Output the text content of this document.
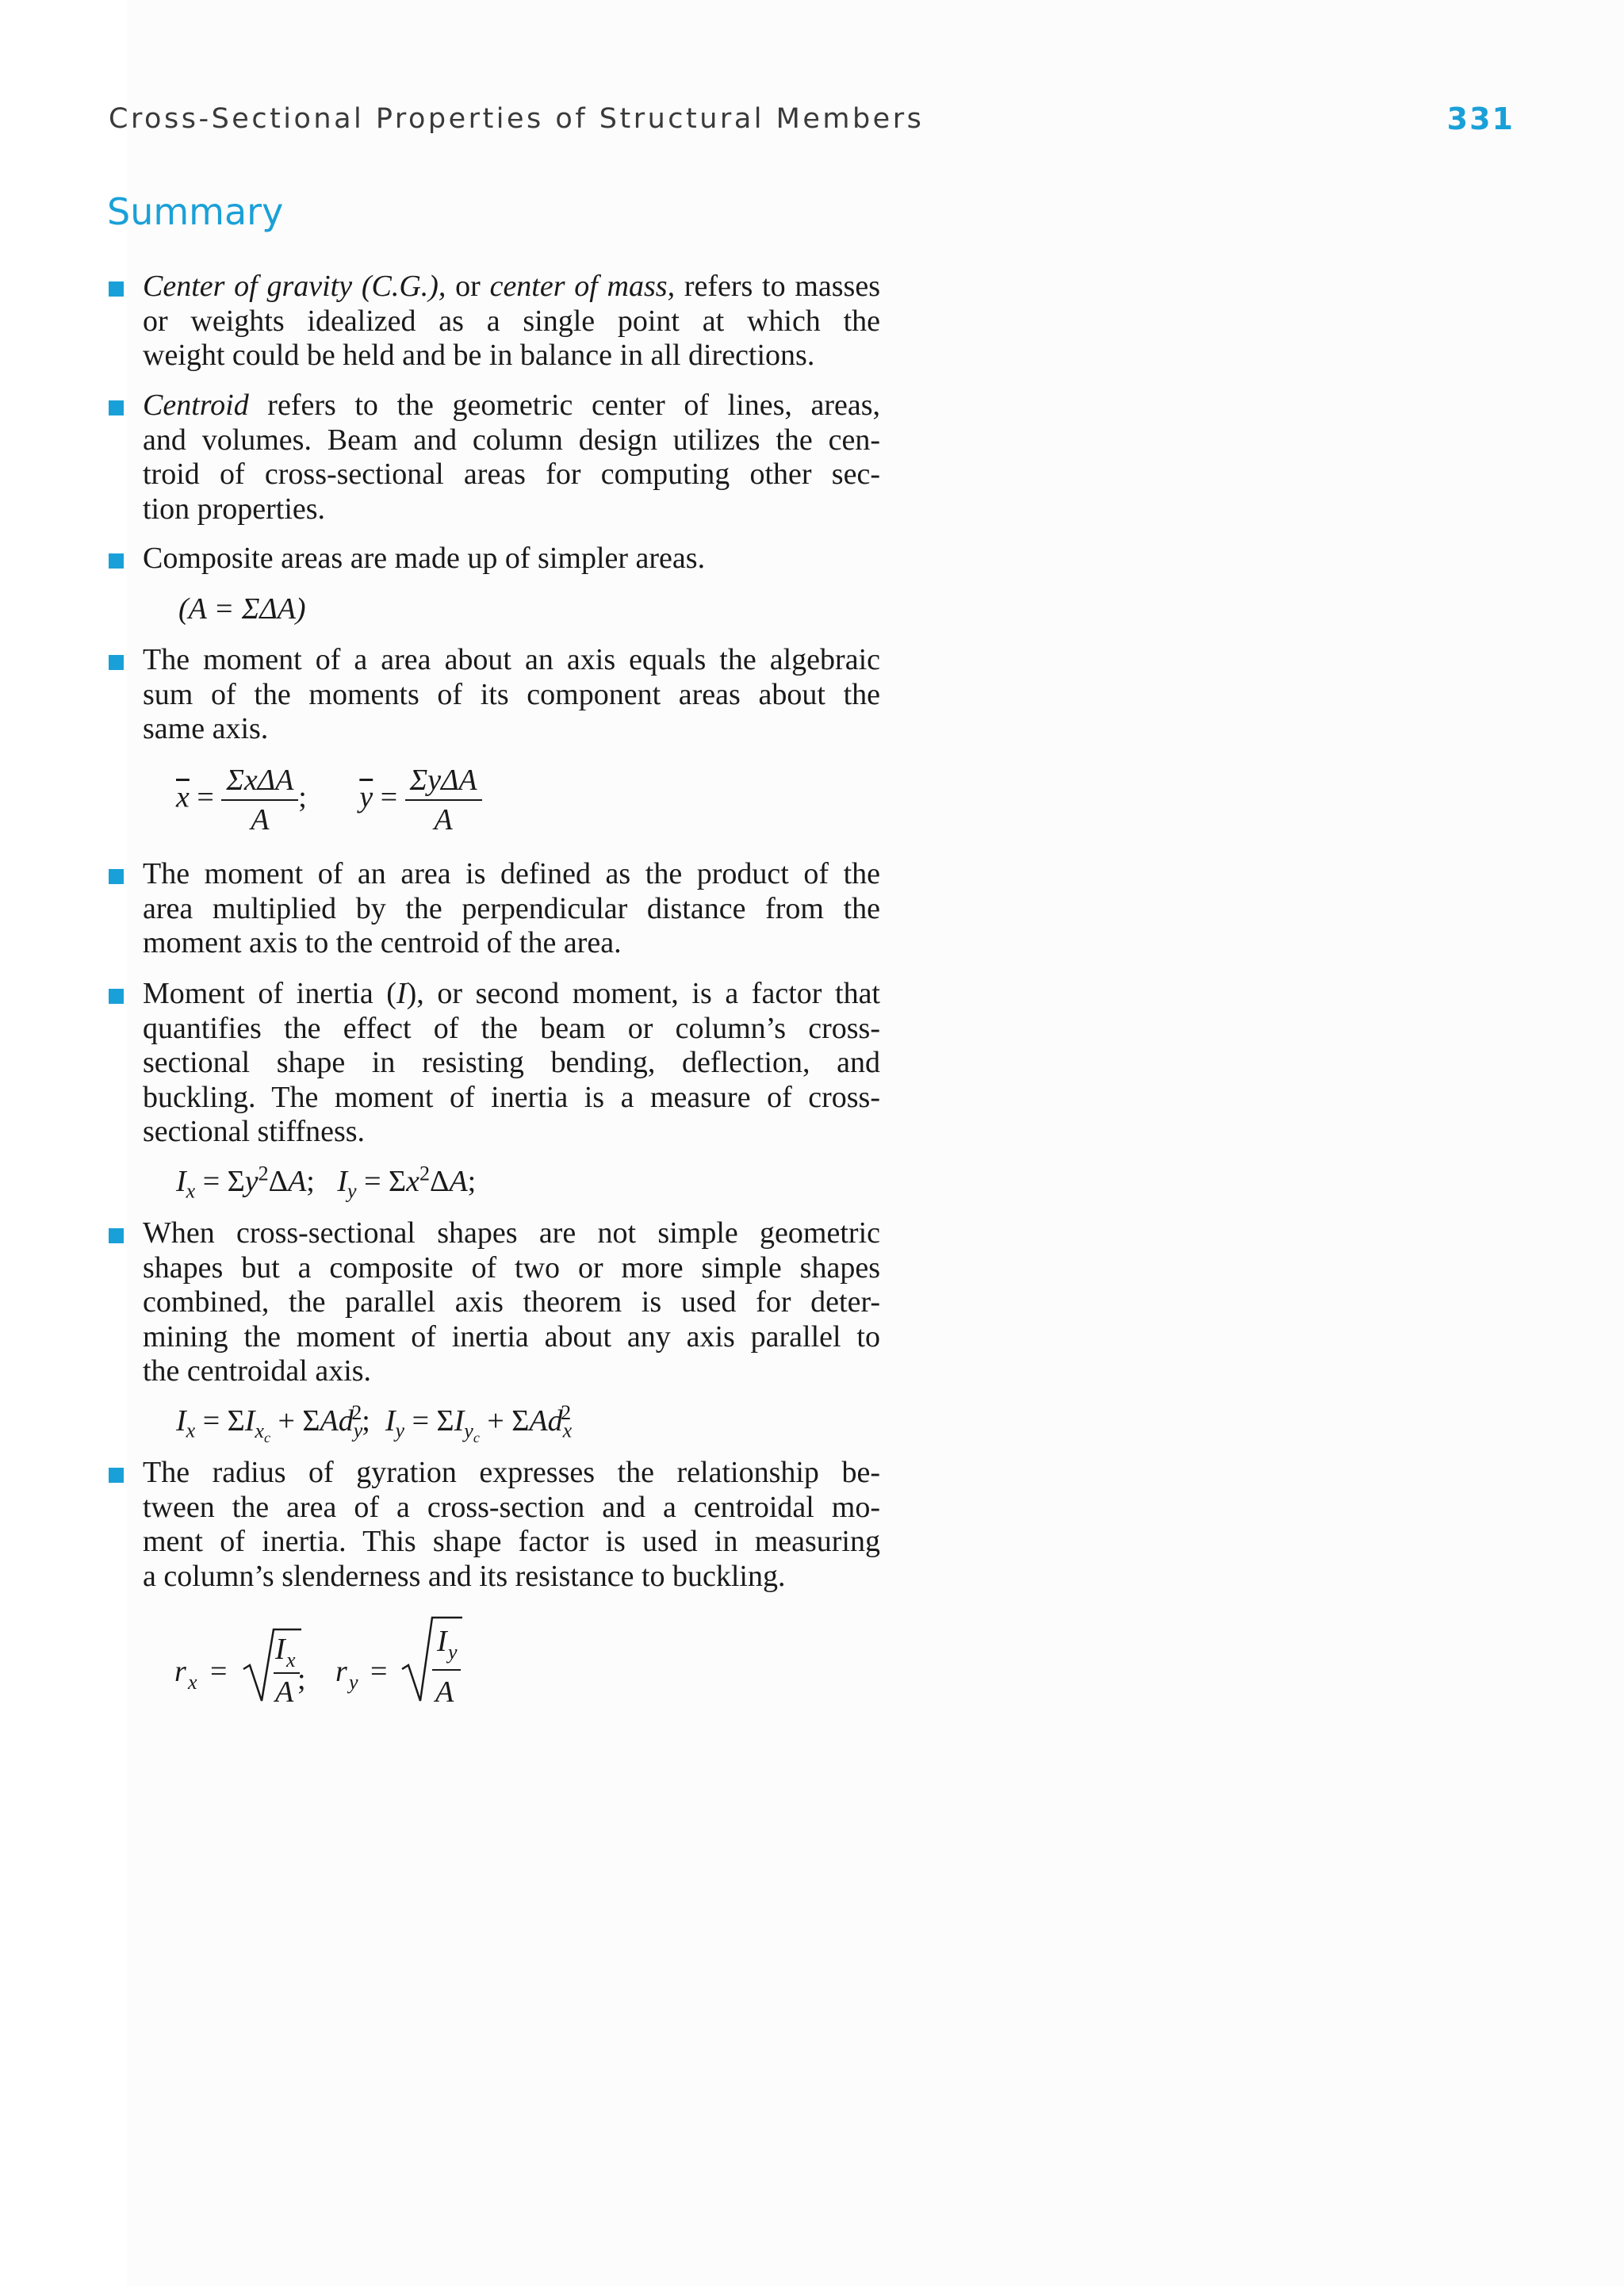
Cross-Sectional Properties of Structural Members	331
Summary
Center of gravity (C.G.), or center of mass, refers to masses
or weights idealized as a single point at which the
weight could be held and be in balance in all directions.
Centroid refers to the geometric center of lines, areas,
and volumes. Beam and column design utilizes the cen-
troid of cross-sectional areas for computing other sec-
tion properties.
Composite areas are made up of simpler areas.
(A = ΣΔA)
The moment of a area about an axis equals the algebraic
sum of the moments of its component areas about the
same axis.
$\overline{x} = \frac{\text{ΣxΔA}}{A}$ ; $\overline{y} = \frac{\text{ΣyΔA}}{A}$
The moment of an area is defined as the product of the
area multiplied by the perpendicular distance from the
moment axis to the centroid of the area.
Moment of inertia (I), or second moment, is a factor that
quantifies the effect of the beam or column’s cross-
sectional shape in resisting bending, deflection, and
buckling. The moment of inertia is a measure of cross-
sectional stiffness.
$I_x = \Sigma y^2\Delta A$;   $I_y = \Sigma x^2\Delta A$;
When cross-sectional shapes are not simple geometric
shapes but a composite of two or more simple shapes
combined, the parallel axis theorem is used for deter-
mining the moment of inertia about any axis parallel to
the centroidal axis.
$I_x = \Sigma I_{x_c} + \Sigma Ad_y^2$;  $I_y = \Sigma I_{y_c} + \Sigma Ad_x^2$
The radius of gyration expresses the relationship be-
tween the area of a cross-section and a centroidal mo-
ment of inertia. This shape factor is used in measuring
a column’s slenderness and its resistance to buckling.
r x =
I x
A ; r y =
I y
A
